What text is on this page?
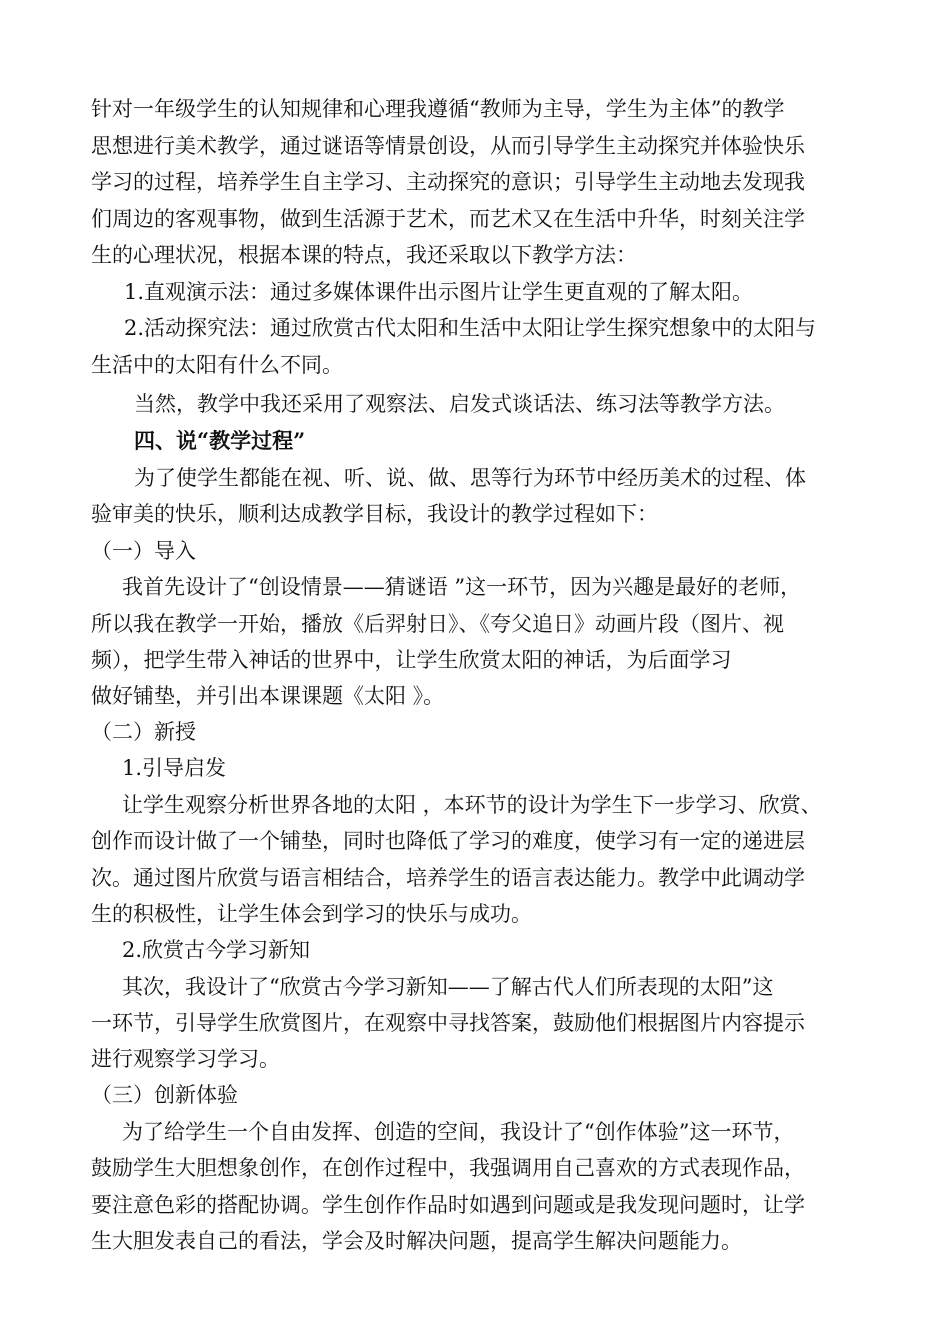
针对一年级学生的认知规律和心理我遵循“教师为主导，学生为主体”的教学
思想进行美术教学，通过谜语等情景创设，从而引导学生主动探究并体验快乐
学习的过程，培养学生自主学习、主动探究的意识；引导学生主动地去发现我
们周边的客观事物，做到生活源于艺术，而艺术又在生活中升华，时刻关注学
生的心理状况，根据本课的特点，我还采取以下教学方法：
1.直观演示法：通过多媒体课件出示图片让学生更直观的了解太阳。
2.活动探究法：通过欣赏古代太阳和生活中太阳让学生探究想象中的太阳与
生活中的太阳有什么不同。
当然，教学中我还采用了观察法、启发式谈话法、练习法等教学方法。
四、说“教学过程”
为了使学生都能在视、听、说、做、思等行为环节中经历美术的过程、体
验审美的快乐，顺利达成教学目标，我设计的教学过程如下：
（一）导入
我首先设计了“创设情景——猜谜语 ”这一环节，因为兴趣是最好的老师，
所以我在教学一开始，播放《后羿射日》、《夸父追日》动画片段（图片、视
频），把学生带入神话的世界中，让学生欣赏太阳的神话，为后面学习
做好铺垫，并引出本课课题《太阳 》。
（二）新授
1.引导启发
让学生观察分析世界各地的太阳 ，本环节的设计为学生下一步学习、欣赏、
创作而设计做了一个铺垫，同时也降低了学习的难度，使学习有一定的递进层
次。通过图片欣赏与语言相结合，培养学生的语言表达能力。教学中此调动学
生的积极性，让学生体会到学习的快乐与成功。
2.欣赏古今学习新知
其次，我设计了“欣赏古今学习新知——了解古代人们所表现的太阳”这
一环节，引导学生欣赏图片，在观察中寻找答案，鼓励他们根据图片内容提示
进行观察学习学习。
（三）创新体验
为了给学生一个自由发挥、创造的空间，我设计了“创作体验”这一环节，
鼓励学生大胆想象创作，在创作过程中，我强调用自己喜欢的方式表现作品，
要注意色彩的搭配协调。学生创作作品时如遇到问题或是我发现问题时，让学
生大胆发表自己的看法，学会及时解决问题，提高学生解决问题能力。
